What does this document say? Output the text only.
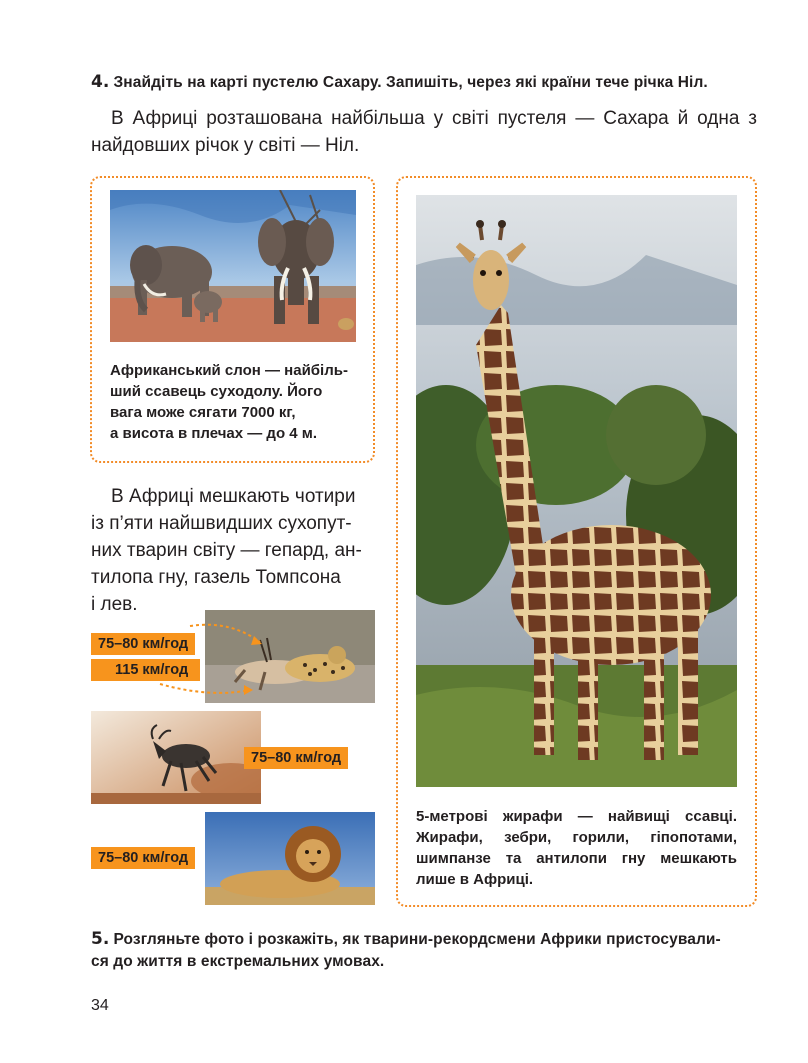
4. Знайдіть на карті пустелю Сахару. Запишіть, через які країни тече річка Ніл.
В Африці розташована найбільша у світі пустеля — Сахара й одна з найдовших річок у світі — Ніл.
Африканський слон — найбіль-
ший ссавець суходолу. Його
вага може сягати 7000 кг,
а висота в плечах — до 4 м.
В Африці мешкають чотири
із п’яти найшвидших сухопут-
них тварин світу — гепард, ан-
тилопа гну, газель Томпсона
і лев.
75–80 км/год
115 км/год
75–80 км/год
75–80 км/год
5-метрові жирафи — найвищі ссавці.
Жирафи, зебри, горили, гіпопотами,
шимпанзе та антилопи гну мешкають
лише в Африці.
5. Розгляньте фото і розкажіть, як тварини-рекордсмени Африки пристосували-
ся до життя в екстремальних умовах.
34
